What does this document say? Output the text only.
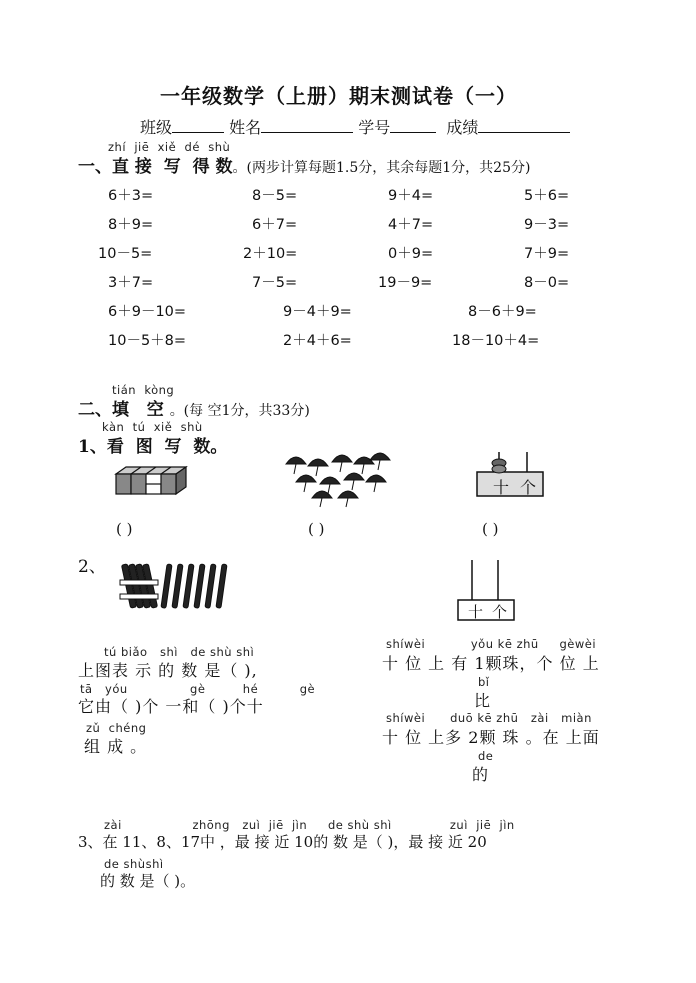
一年级数学（上册）期末测试卷（一）
班级	姓名	学号	成绩
zhí jiē xiě dé shù
一、直 接 写 得 数。(两步计算每题1.5分，其余每题1分，共25分)
6＋3=	8－5=	9＋4=	5＋6=
8＋9=	6＋7=	4＋7=	9－3=
10－5=	2＋10=	0＋9=	7＋9=
3＋7=	7－5=	19－9=	8－0=
6＋9－10=	9－4＋9=	8－6＋9=
10－5＋8=	2＋4＋6=	18－10＋4=
tián kòng
二、填 空 。(每 空1分，共33分)
kàn tú xiě shù
1、看 图 写 数。
十 个
( )	( )	( )
2、
十 个
tú biǎo shì de shù shì
上图表 示 的 数 是（ ),
tā yóu	gè	hé	gè
它由（ )个 一和（ )个十
zǔ chéng
组 成 。
shíwèi	yǒu kē zhū gèwèi
十 位 上 有 1颗珠，个 位 上
bǐ
比
shíwèi duō kē zhū zài miàn
十 位 上多 2颗 珠 。在 上面
de
的
zài	zhōng zuì jiē jìn de shù shì	zuì jiē jìn
3、在 11、8、17中 ，最 接 近 10的 数 是（ )，最 接 近 20
de shùshì
的 数 是（ )。
